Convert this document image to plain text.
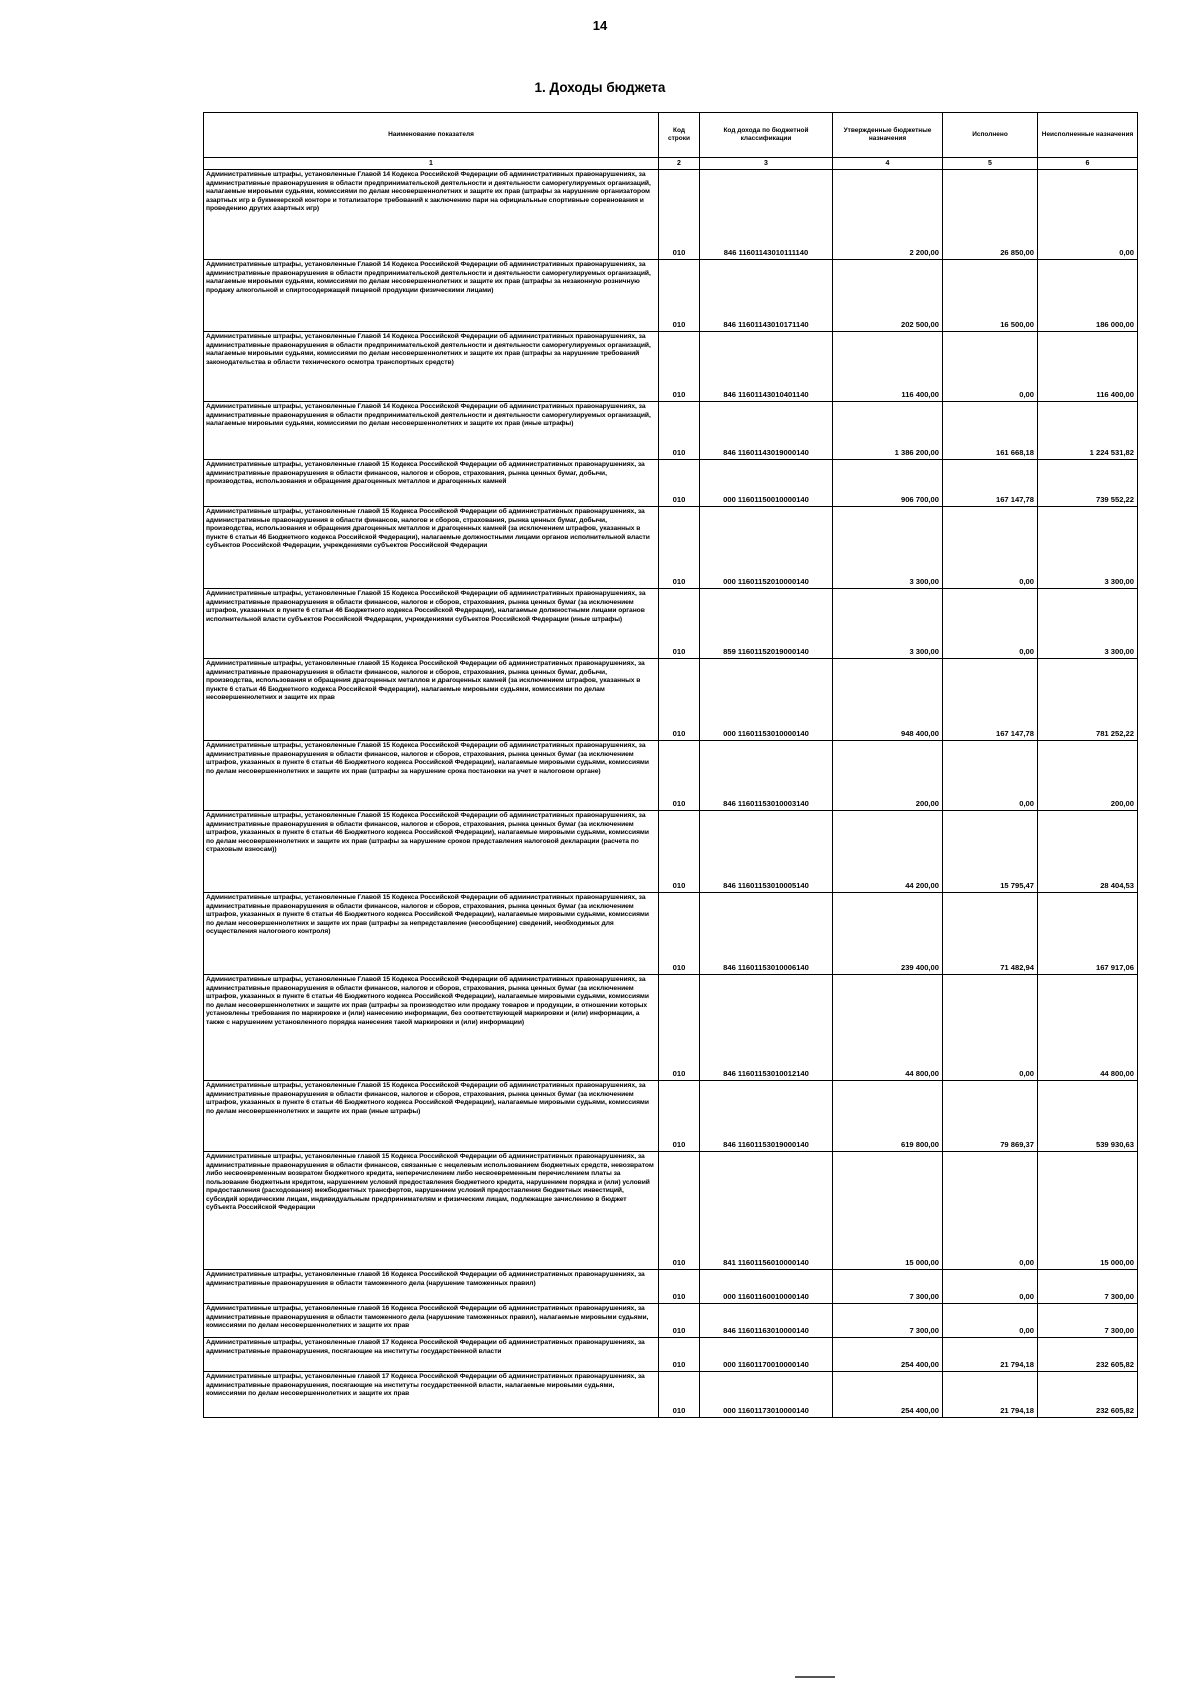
14
1. Доходы бюджета
Наименование показателя	Код строки	Код дохода по бюджетной классификации	Утвержденные бюджетные назначения	Исполнено	Неисполненные назначения
1	2	3	4	5	6
Административные штрафы, установленные Главой 14 Кодекса Российской Федерации об административных правонарушениях, за административные правонарушения в области предпринимательской деятельности и деятельности саморегулируемых организаций, налагаемые мировыми судьями, комиссиями по делам несовершеннолетних и защите их прав (штрафы за нарушение организатором азартных игр в букмекерской конторе и тотализаторе требований к заключению пари на официальные спортивные соревнования и проведению других азартных игр)	010	846 11601143010111140	2 200,00	26 850,00	0,00
Административные штрафы, установленные Главой 14 Кодекса Российской Федерации об административных правонарушениях, за административные правонарушения в области предпринимательской деятельности и деятельности саморегулируемых организаций, налагаемые мировыми судьями, комиссиями по делам несовершеннолетних и защите их прав (штрафы за незаконную розничную продажу алкогольной и спиртосодержащей пищевой продукции физическими лицами)	010	846 11601143010171140	202 500,00	16 500,00	186 000,00
Административные штрафы, установленные Главой 14 Кодекса Российской Федерации об административных правонарушениях, за административные правонарушения в области предпринимательской деятельности и деятельности саморегулируемых организаций, налагаемые мировыми судьями, комиссиями по делам несовершеннолетних и защите их прав (штрафы за нарушение требований законодательства в области технического осмотра транспортных средств)	010	846 11601143010401140	116 400,00	0,00	116 400,00
Административные штрафы, установленные Главой 14 Кодекса Российской Федерации об административных правонарушениях, за административные правонарушения в области предпринимательской деятельности и деятельности саморегулируемых организаций, налагаемые мировыми судьями, комиссиями по делам несовершеннолетних и защите их прав (иные штрафы)	010	846 11601143019000140	1 386 200,00	161 668,18	1 224 531,82
Административные штрафы, установленные главой 15 Кодекса Российской Федерации об административных правонарушениях, за административные правонарушения в области финансов, налогов и сборов, страхования, рынка ценных бумаг, добычи, производства, использования и обращения драгоценных металлов и драгоценных камней	010	000 11601150010000140	906 700,00	167 147,78	739 552,22
Административные штрафы, установленные главой 15 Кодекса Российской Федерации об административных правонарушениях, за административные правонарушения в области финансов, налогов и сборов, страхования, рынка ценных бумаг, добычи, производства, использования и обращения драгоценных металлов и драгоценных камней (за исключением штрафов, указанных в пункте 6 статьи 46 Бюджетного кодекса Российской Федерации), налагаемые должностными лицами органов исполнительной власти субъектов Российской Федерации, учреждениями субъектов Российской Федерации	010	000 11601152010000140	3 300,00	0,00	3 300,00
Административные штрафы, установленные Главой 15 Кодекса Российской Федерации об административных правонарушениях, за административные правонарушения в области финансов, налогов и сборов, страхования, рынка ценных бумаг (за исключением штрафов, указанных в пункте 6 статьи 46 Бюджетного кодекса Российской Федерации), налагаемые должностными лицами органов исполнительной власти субъектов Российской Федерации, учреждениями субъектов Российской Федерации (иные штрафы)	010	859 11601152019000140	3 300,00	0,00	3 300,00
Административные штрафы, установленные главой 15 Кодекса Российской Федерации об административных правонарушениях, за административные правонарушения в области финансов, налогов и сборов, страхования, рынка ценных бумаг, добычи, производства, использования и обращения драгоценных металлов и драгоценных камней (за исключением штрафов, указанных в пункте 6 статьи 46 Бюджетного кодекса Российской Федерации), налагаемые мировыми судьями, комиссиями по делам несовершеннолетних и защите их прав	010	000 11601153010000140	948 400,00	167 147,78	781 252,22
Административные штрафы, установленные Главой 15 Кодекса Российской Федерации об административных правонарушениях, за административные правонарушения в области финансов, налогов и сборов, страхования, рынка ценных бумаг (за исключением штрафов, указанных в пункте 6 статьи 46 Бюджетного кодекса Российской Федерации), налагаемые мировыми судьями, комиссиями по делам несовершеннолетних и защите их прав (штрафы за нарушение срока постановки на учет в налоговом органе)	010	846 11601153010003140	200,00	0,00	200,00
Административные штрафы, установленные Главой 15 Кодекса Российской Федерации об административных правонарушениях, за административные правонарушения в области финансов, налогов и сборов, страхования, рынка ценных бумаг (за исключением штрафов, указанных в пункте 6 статьи 46 Бюджетного кодекса Российской Федерации), налагаемые мировыми судьями, комиссиями по делам несовершеннолетних и защите их прав (штрафы за нарушение сроков представления налоговой декларации (расчета по страховым взносам))	010	846 11601153010005140	44 200,00	15 795,47	28 404,53
Административные штрафы, установленные Главой 15 Кодекса Российской Федерации об административных правонарушениях, за административные правонарушения в области финансов, налогов и сборов, страхования, рынка ценных бумаг (за исключением штрафов, указанных в пункте 6 статьи 46 Бюджетного кодекса Российской Федерации), налагаемые мировыми судьями, комиссиями по делам несовершеннолетних и защите их прав (штрафы за непредставление (несообщение) сведений, необходимых для осуществления налогового контроля)	010	846 11601153010006140	239 400,00	71 482,94	167 917,06
Административные штрафы, установленные Главой 15 Кодекса Российской Федерации об административных правонарушениях, за административные правонарушения в области финансов, налогов и сборов, страхования, рынка ценных бумаг (за исключением штрафов, указанных в пункте 6 статьи 46 Бюджетного кодекса Российской Федерации), налагаемые мировыми судьями, комиссиями по делам несовершеннолетних и защите их прав (штрафы за производство или продажу товаров и продукции, в отношении которых установлены требования по маркировке и (или) нанесению информации, без соответствующей маркировки и (или) информации, а также с нарушением установленного порядка нанесения такой маркировки и (или) информации)	010	846 11601153010012140	44 800,00	0,00	44 800,00
Административные штрафы, установленные Главой 15 Кодекса Российской Федерации об административных правонарушениях, за административные правонарушения в области финансов, налогов и сборов, страхования, рынка ценных бумаг (за исключением штрафов, указанных в пункте 6 статьи 46 Бюджетного кодекса Российской Федерации), налагаемые мировыми судьями, комиссиями по делам несовершеннолетних и защите их прав (иные штрафы)	010	846 11601153019000140	619 800,00	79 869,37	539 930,63
Административные штрафы, установленные главой 15 Кодекса Российской Федерации об административных правонарушениях, за административные правонарушения в области финансов, связанные с нецелевым использованием бюджетных средств, невозвратом либо несвоевременным возвратом бюджетного кредита, неперечислением либо несвоевременным перечислением платы за пользование бюджетным кредитом, нарушением условий предоставления бюджетного кредита, нарушением порядка и (или) условий предоставления (расходования) межбюджетных трансфертов, нарушением условий предоставления бюджетных инвестиций, субсидий юридическим лицам, индивидуальным предпринимателям и физическим лицам, подлежащие зачислению в бюджет субъекта Российской Федерации	010	841 11601156010000140	15 000,00	0,00	15 000,00
Административные штрафы, установленные главой 16 Кодекса Российской Федерации об административных правонарушениях, за административные правонарушения в области таможенного дела (нарушение таможенных правил)	010	000 11601160010000140	7 300,00	0,00	7 300,00
Административные штрафы, установленные главой 16 Кодекса Российской Федерации об административных правонарушениях, за административные правонарушения в области таможенного дела (нарушение таможенных правил), налагаемые мировыми судьями, комиссиями по делам несовершеннолетних и защите их прав	010	846 11601163010000140	7 300,00	0,00	7 300,00
Административные штрафы, установленные главой 17 Кодекса Российской Федерации об административных правонарушениях, за административные правонарушения, посягающие на институты государственной власти	010	000 11601170010000140	254 400,00	21 794,18	232 605,82
Административные штрафы, установленные главой 17 Кодекса Российской Федерации об административных правонарушениях, за административные правонарушения, посягающие на институты государственной власти, налагаемые мировыми судьями, комиссиями по делам несовершеннолетних и защите их прав	010	000 11601173010000140	254 400,00	21 794,18	232 605,82
